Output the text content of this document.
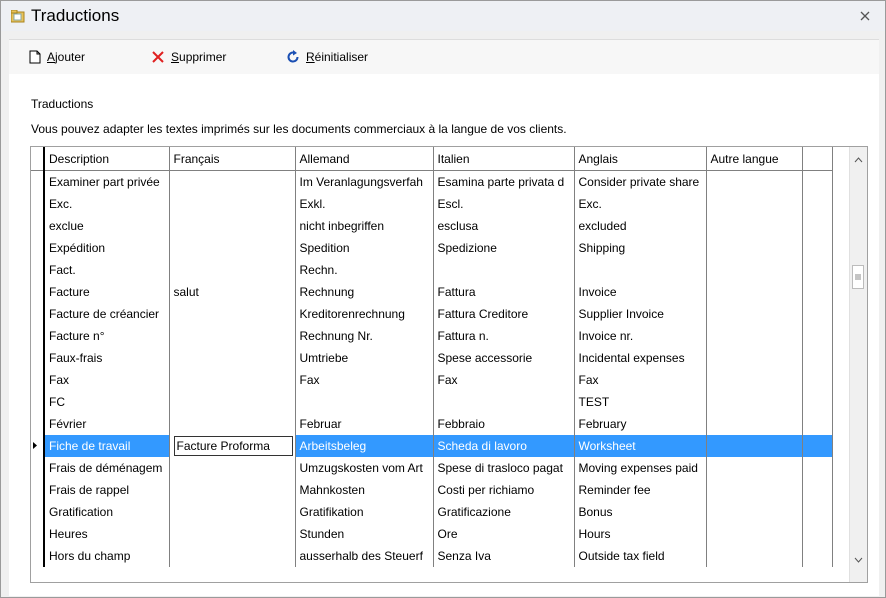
Traductions
Ajouter	Supprimer	Réinitialiser
Traductions
Vous pouvez adapter les textes imprimés sur les documents commerciaux à la langue de vos clients.
	Description	Français	Allemand	Italien	Anglais	Autre langue	
	Examiner part privée		Im Veranlagungsverfah	Esamina parte privata d	Consider private share		
	Exc.		Exkl.	Escl.	Exc.		
	exclue		nicht inbegriffen	esclusa	excluded		
	Expédition		Spedition	Spedizione	Shipping		
	Fact.		Rechn.				
	Facture	salut	Rechnung	Fattura	Invoice		
	Facture de créancier		Kreditorenrechnung	Fattura Creditore	Supplier Invoice		
	Facture n°		Rechnung Nr.	Fattura n.	Invoice nr.		
	Faux-frais		Umtriebe	Spese accessorie	Incidental expenses		
	Fax		Fax	Fax	Fax		
	FC				TEST		
	Février		Februar	Febbraio	February		
	Fiche de travail	Facture Proforma	Arbeitsbeleg	Scheda di lavoro	Worksheet		
	Frais de déménagem		Umzugskosten vom Art	Spese di trasloco pagat	Moving expenses paid		
	Frais de rappel		Mahnkosten	Costi per richiamo	Reminder fee		
	Gratification		Gratifikation	Gratificazione	Bonus		
	Heures		Stunden	Ore	Hours		
	Hors du champ		ausserhalb des Steuerf	Senza Iva	Outside tax field		
